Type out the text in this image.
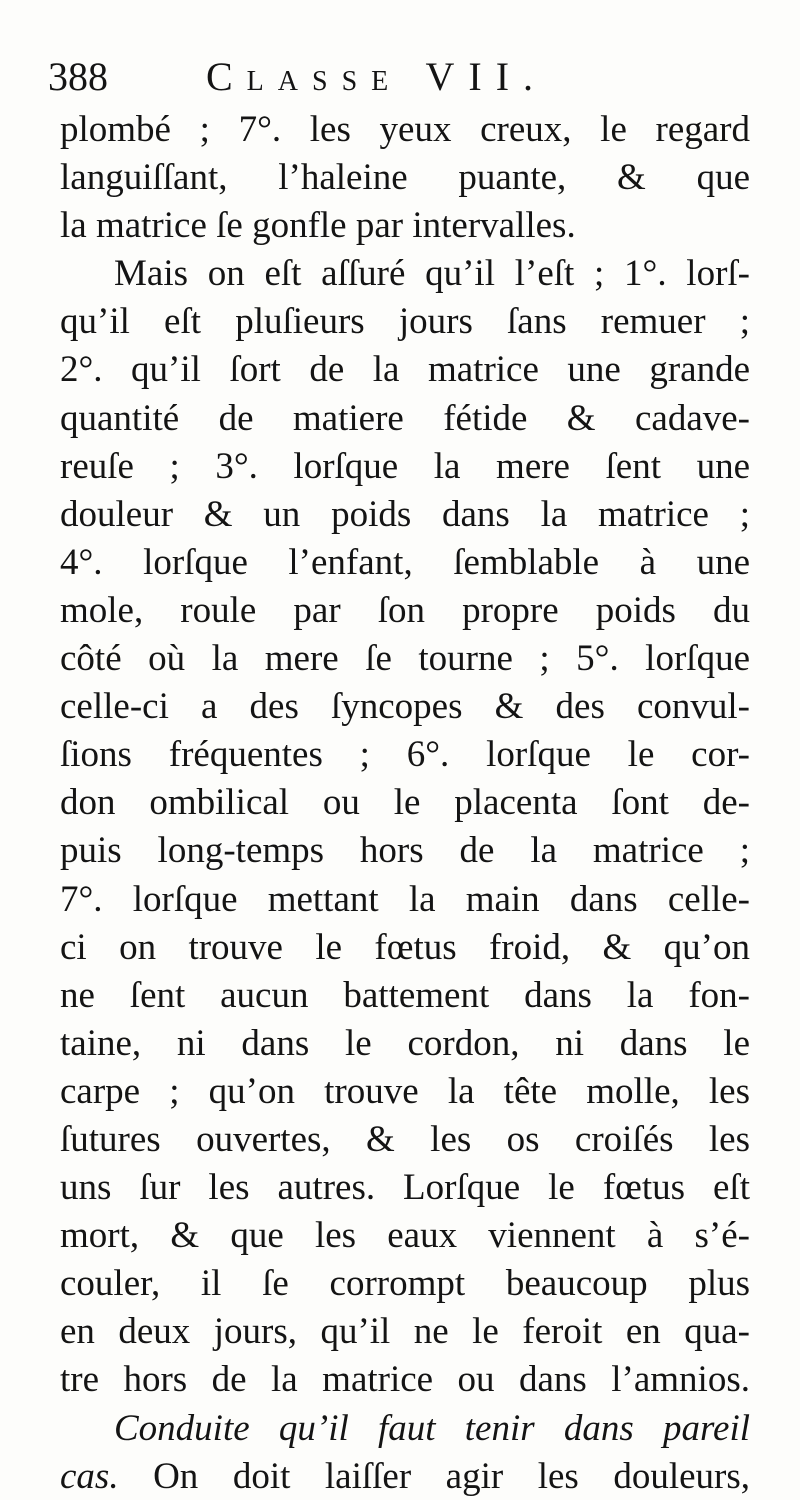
388 Classe VII.
plombé ; 7°. les yeux creux, le regard
languiſſant, l’haleine puante, & que
la matrice ſe gonfle par intervalles.
Mais on eſt aſſuré qu’il l’eſt ; 1°. lorſ-
qu’il eſt pluſieurs jours ſans remuer ;
2°. qu’il ſort de la matrice une grande
quantité de matiere fétide & cadave-
reuſe ; 3°. lorſque la mere ſent une
douleur & un poids dans la matrice ;
4°. lorſque l’enfant, ſemblable à une
mole, roule par ſon propre poids du
côté où la mere ſe tourne ; 5°. lorſque
celle-ci a des ſyncopes & des convul-
ſions fréquentes ; 6°. lorſque le cor-
don ombilical ou le placenta ſont de-
puis long-temps hors de la matrice ;
7°. lorſque mettant la main dans celle-
ci on trouve le fœtus froid, & qu’on
ne ſent aucun battement dans la fon-
taine, ni dans le cordon, ni dans le
carpe ; qu’on trouve la tête molle, les
ſutures ouvertes, & les os croiſés les
uns ſur les autres. Lorſque le fœtus eſt
mort, & que les eaux viennent à s’é-
couler, il ſe corrompt beaucoup plus
en deux jours, qu’il ne le feroit en qua-
tre hors de la matrice ou dans l’amnios.
Conduite qu’il faut tenir dans pareil
cas. On doit laiſſer agir les douleurs,
